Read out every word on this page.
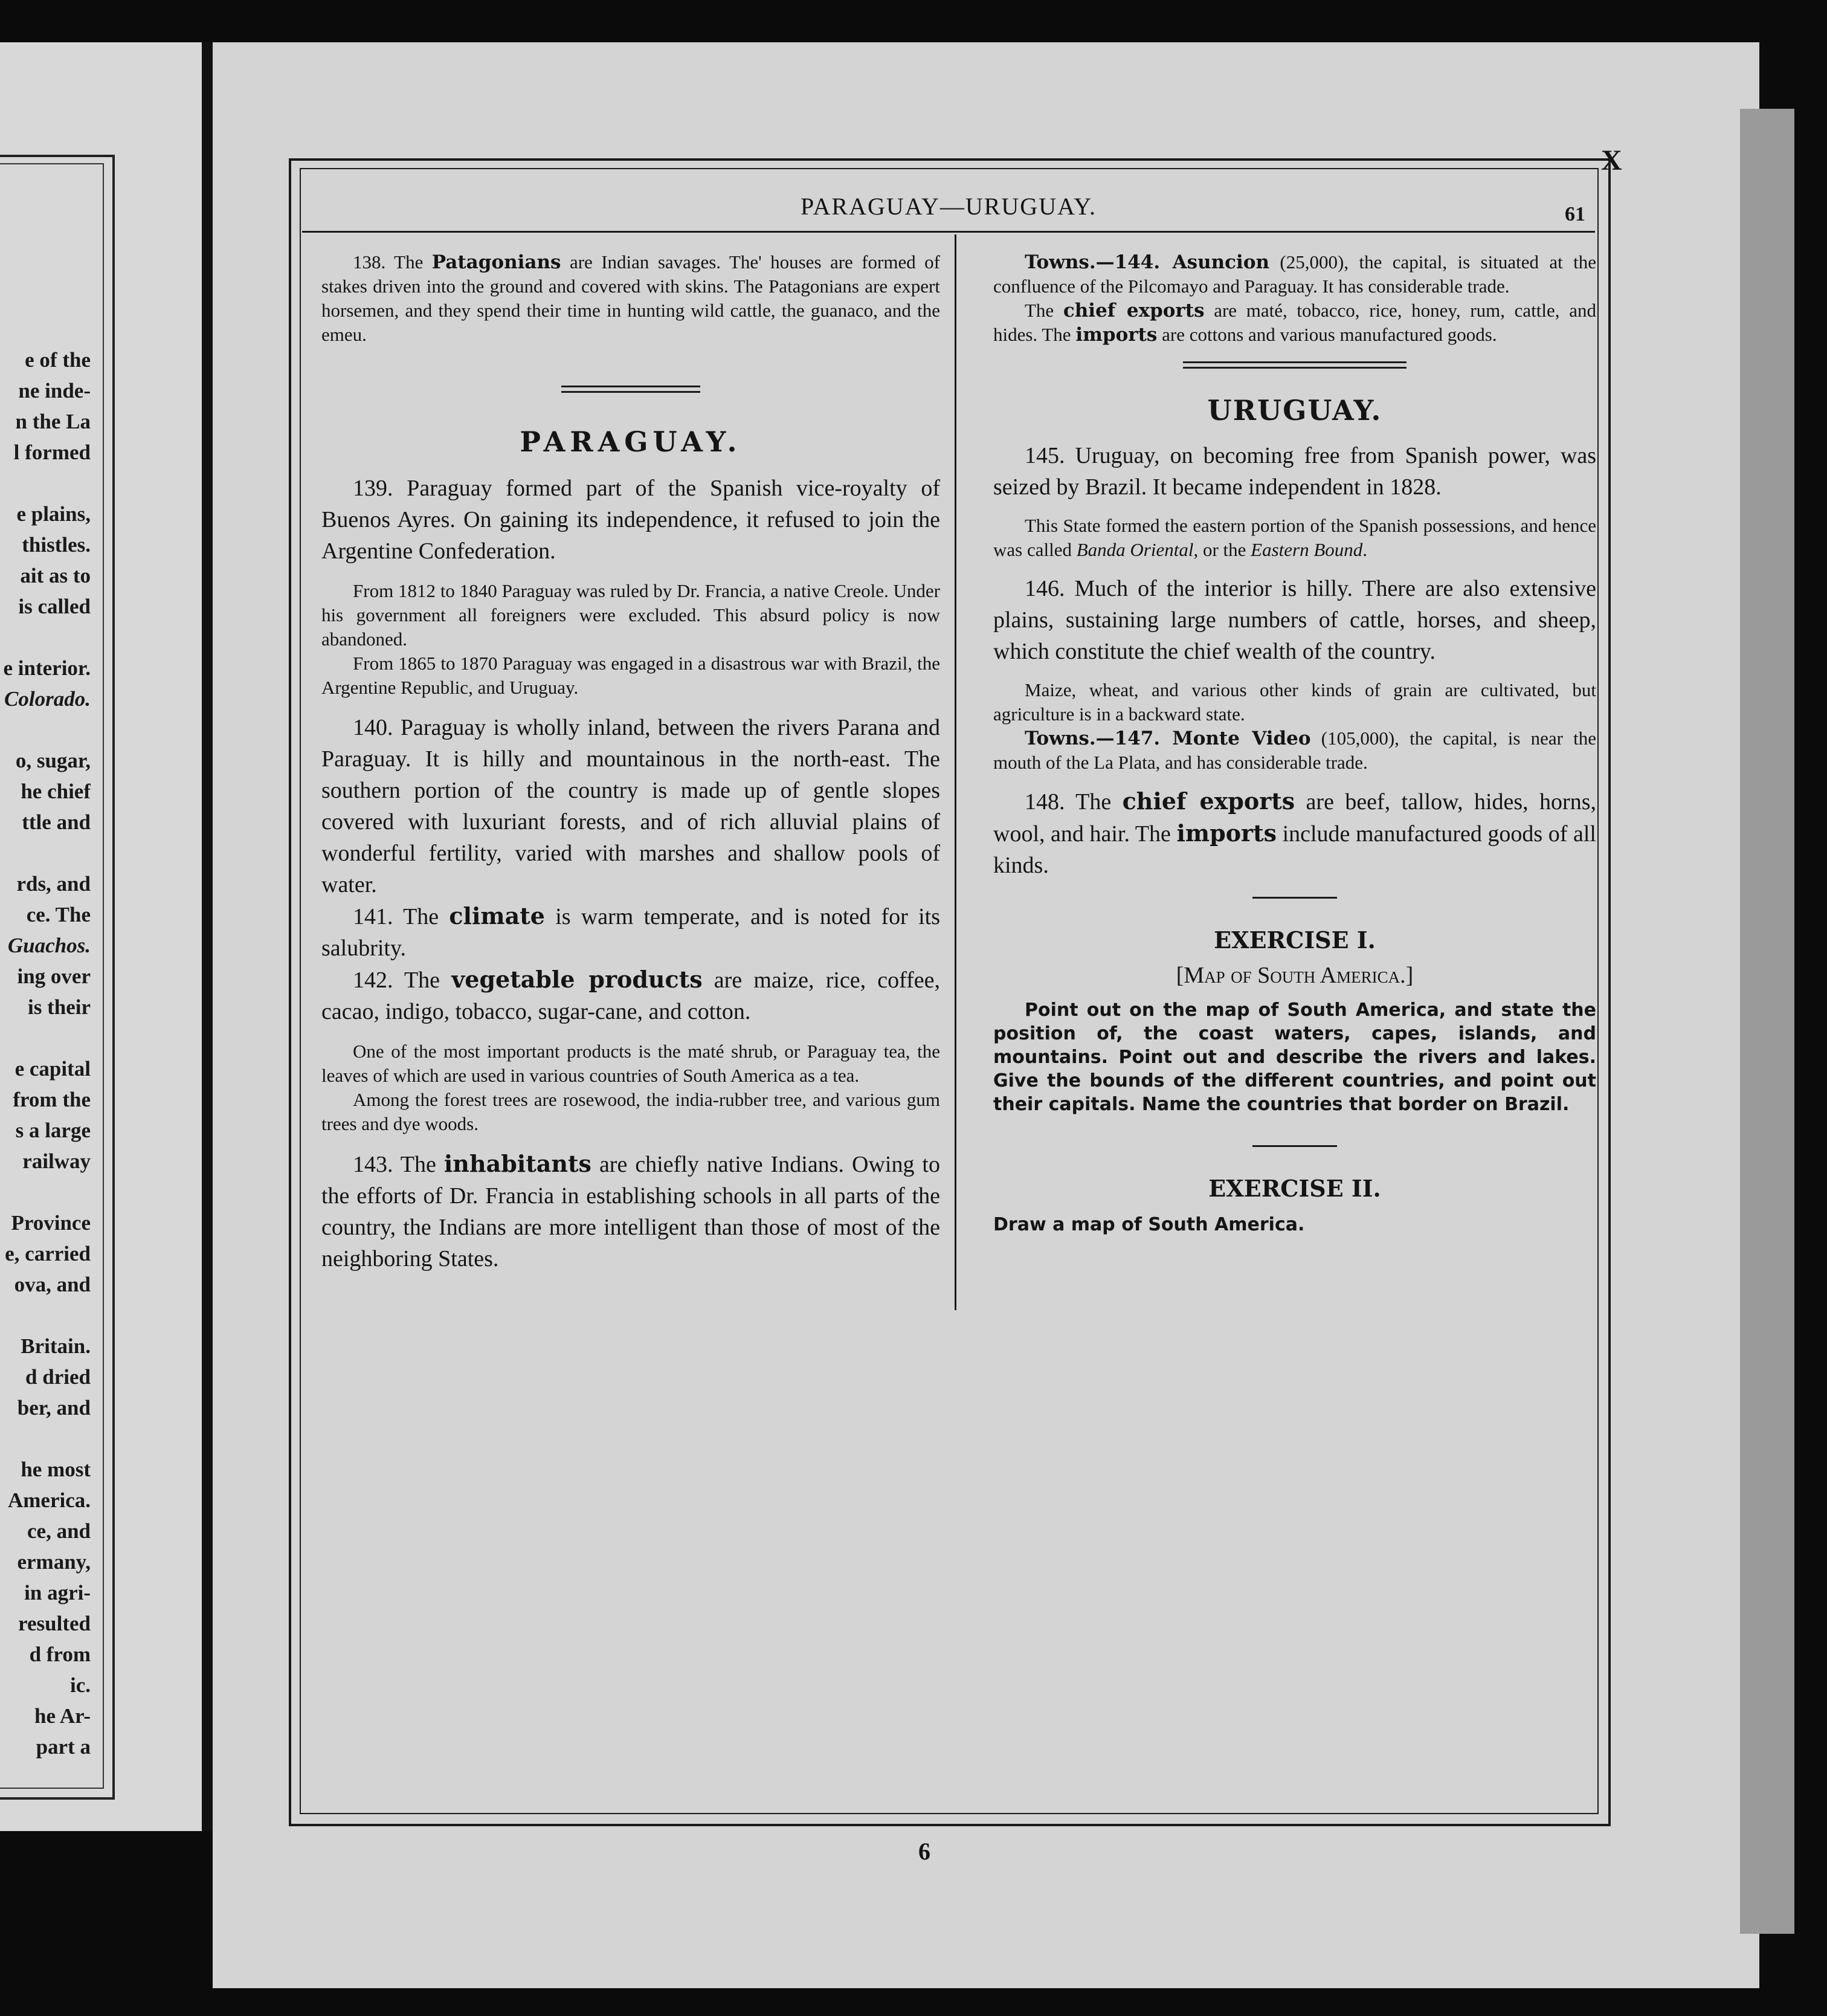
e of the
ne inde-
n the La
l formed
e plains,
thistles.
ait as to
is called
e interior.
Colorado.
o, sugar,
he chief
ttle and
rds, and
ce. The
Guachos.
ing over
is their
e capital
from the
s a large
railway
Province
e, carried
ova, and
Britain.
d dried
ber, and
he most
America.
ce, and
ermany,
in agri-
resulted
d from
ic.
he Ar-
part a
X
PARAGUAY—URUGUAY.	61

138. The Patagonians are Indian savages. The' houses are formed of stakes driven into the ground and covered with skins. The Patagonians are expert horsemen, and they spend their time in hunting wild cattle, the guanaco, and the emeu.

PARAGUAY.

139. Paraguay formed part of the Spanish vice-royalty of Buenos Ayres. On gaining its independence, it refused to join the Argentine Confederation.

From 1812 to 1840 Paraguay was ruled by Dr. Francia, a native Creole. Under his government all foreigners were excluded. This absurd policy is now abandoned.

From 1865 to 1870 Paraguay was engaged in a disastrous war with Brazil, the Argentine Republic, and Uruguay.

140. Paraguay is wholly inland, between the rivers Parana and Paraguay. It is hilly and mountainous in the north-east. The southern portion of the country is made up of gentle slopes covered with luxuriant forests, and of rich alluvial plains of wonderful fertility, varied with marshes and shallow pools of water.

141. The climate is warm temperate, and is noted for its salubrity.

142. The vegetable products are maize, rice, coffee, cacao, indigo, tobacco, sugar-cane, and cotton.

One of the most important products is the maté shrub, or Paraguay tea, the leaves of which are used in various countries of South America as a tea.

Among the forest trees are rosewood, the india-rubber tree, and various gum trees and dye woods.

143. The inhabitants are chiefly native Indians. Owing to the efforts of Dr. Francia in establishing schools in all parts of the country, the Indians are more intelligent than those of most of the neighboring States.

Towns.—144. Asuncion (25,000), the capital, is situated at the confluence of the Pilcomayo and Paraguay. It has considerable trade.

The chief exports are maté, tobacco, rice, honey, rum, cattle, and hides. The imports are cottons and various manufactured goods.

URUGUAY.

145. Uruguay, on becoming free from Spanish power, was seized by Brazil. It became independent in 1828.

This State formed the eastern portion of the Spanish possessions, and hence was called Banda Oriental, or the Eastern Bound.

146. Much of the interior is hilly. There are also extensive plains, sustaining large numbers of cattle, horses, and sheep, which constitute the chief wealth of the country.

Maize, wheat, and various other kinds of grain are cultivated, but agriculture is in a backward state.

Towns.—147. Monte Video (105,000), the capital, is near the mouth of the La Plata, and has considerable trade.

148. The chief exports are beef, tallow, hides, horns, wool, and hair. The imports include manufactured goods of all kinds.

EXERCISE I.
[Map of South America.]

Point out on the map of South America, and state the position of, the coast waters, capes, islands, and mountains. Point out and describe the rivers and lakes. Give the bounds of the different countries, and point out their capitals. Name the countries that border on Brazil.

EXERCISE II.

Draw a map of South America.

6
